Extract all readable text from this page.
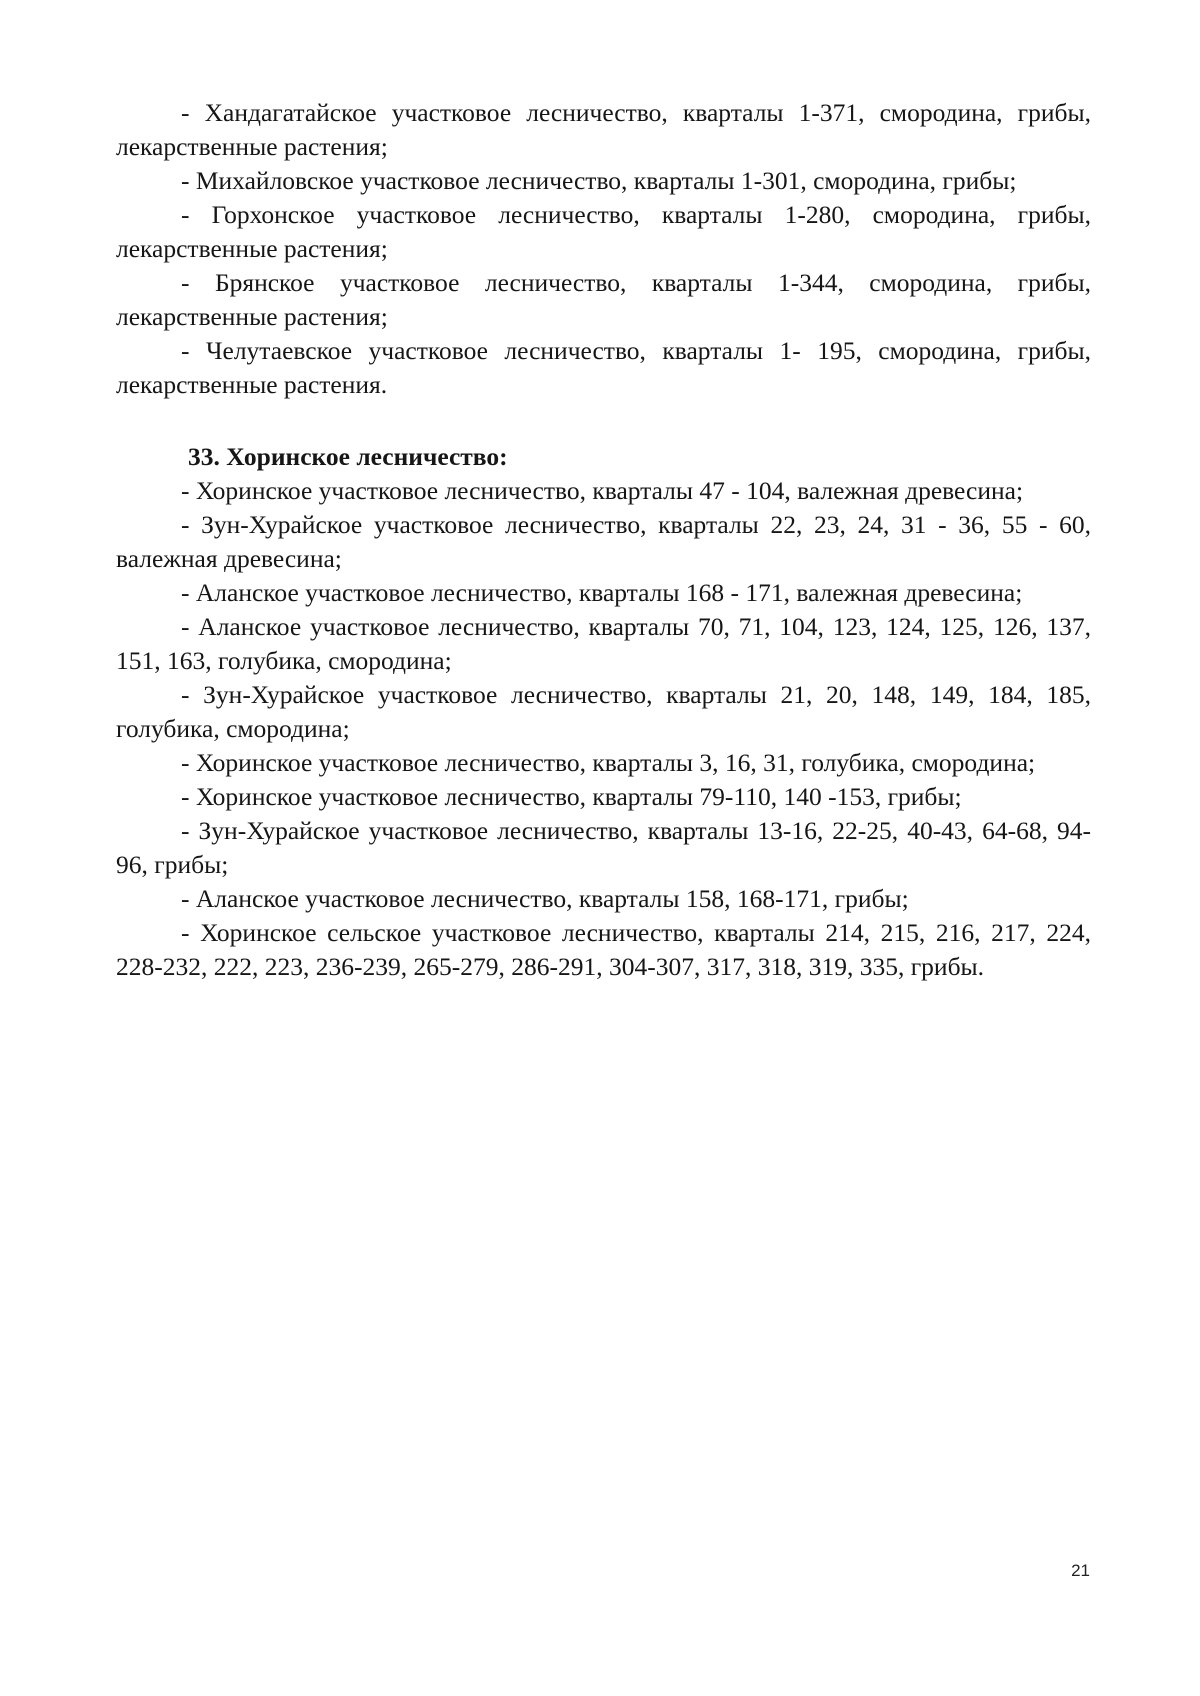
- Хандагатайское участковое лесничество, кварталы 1-371, смородина, грибы, лекарственные растения;

- Михайловское участковое лесничество, кварталы 1-301, смородина, грибы;

- Горхонское участковое лесничество, кварталы 1-280, смородина, грибы, лекарственные растения;

- Брянское участковое лесничество, кварталы 1-344, смородина, грибы, лекарственные растения;

- Челутаевское участковое лесничество, кварталы 1- 195, смородина, грибы, лекарственные растения.

33. Хоринское лесничество:

- Хоринское участковое лесничество, кварталы 47 - 104, валежная древесина;

- Зун-Хурайское участковое лесничество, кварталы 22, 23, 24, 31 - 36, 55 - 60, валежная древесина;

- Аланское участковое лесничество, кварталы 168 - 171, валежная древесина;

- Аланское участковое лесничество, кварталы 70, 71, 104, 123, 124, 125, 126, 137, 151, 163, голубика, смородина;

- Зун-Хурайское участковое лесничество, кварталы 21, 20, 148, 149, 184, 185, голубика, смородина;

- Хоринское участковое лесничество, кварталы 3, 16, 31, голубика, смородина;

- Хоринское участковое лесничество, кварталы 79-110, 140 -153, грибы;

- Зун-Хурайское участковое лесничество, кварталы 13-16, 22-25, 40-43, 64-68, 94-96, грибы;

- Аланское участковое лесничество, кварталы 158, 168-171, грибы;

- Хоринское сельское участковое лесничество, кварталы 214, 215, 216, 217, 224, 228-232, 222, 223, 236-239, 265-279, 286-291, 304-307, 317, 318, 319, 335, грибы.

21
